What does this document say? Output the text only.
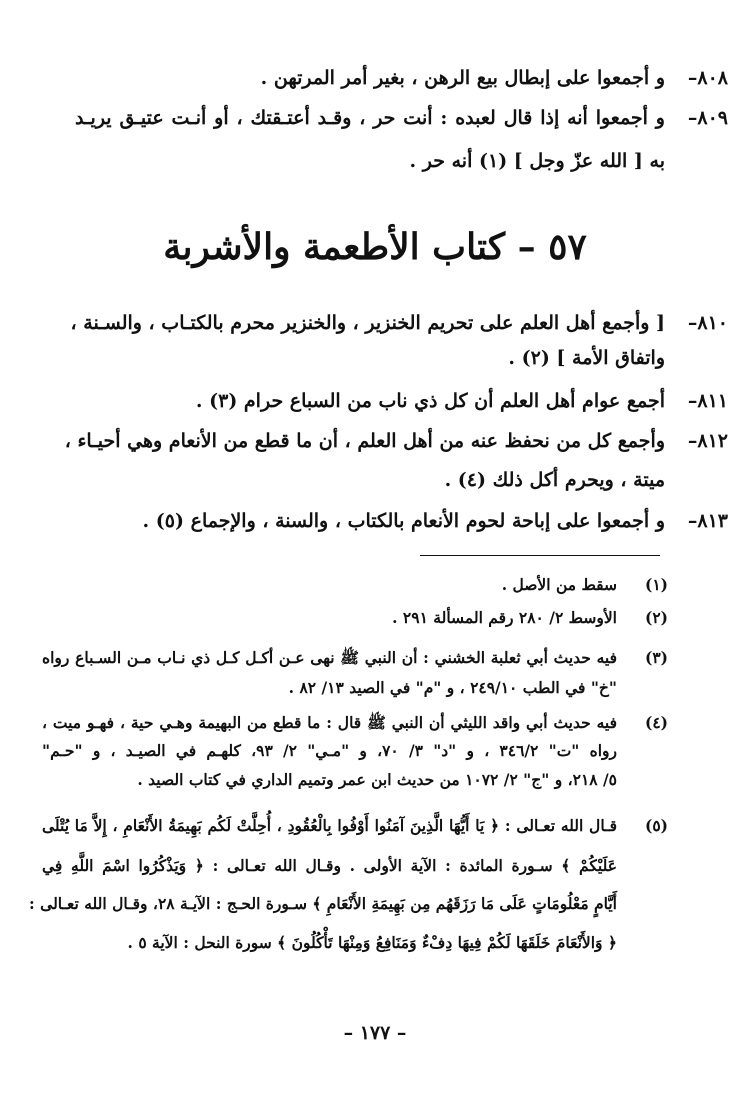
٨٠٨–
و أجمعوا على إبطال بيع الرهن ، بغير أمر المرتهن .
٨٠٩–
و أجمعوا أنه إذا قال لعبده : أنت حر ، وقـد أعتـقتك ، أو أنـت عتيـق يريـد
به [ الله عزّ وجل ] (١) أنه حر .
٥٧ – كتاب الأطعمة والأشربة
٨١٠–
[ وأجمع أهل العلم على تحريم الخنزير ، والخنزير محرم بالكتـاب ، والسـنة ،
واتفاق الأمة ] (٢) .
٨١١–
أجمع عوام أهل العلم أن كل ذي ناب من السباع حرام (٣) .
٨١٢–
وأجمع كل من نحفظ عنه من أهل العلم ، أن ما قطع من الأنعام وهي أحيـاء ،
ميتة ، ويحرم أكل ذلك (٤) .
٨١٣–
و أجمعوا على إباحة لحوم الأنعام بالكتاب ، والسنة ، والإجماع (٥) .
(١)
سقط من الأصل .
(٢)
الأوسط ٢/ ٢٨٠ رقم المسألة ٢٩١ .
(٣)
فيه حديث أبي ثعلبة الخشني : أن النبي ﷺ نهى عـن أكـل كـل ذي نـاب مـن السـباع رواه
"خ" في الطب ٢٤٩/١٠ ، و "م" في الصيد ١٣/ ٨٢ .
(٤)
فيه حديث أبي واقد الليثي أن النبي ﷺ قال : ما قطع من البهيمة وهـي حية ، فهـو ميت ،
رواه "ت" ٣٤٦/٢ ، و "د" ٣/ ٧٠، و "مـي" ٢/ ٩٣، كلهـم في الصيـد ، و "حـم"
٥/ ٢١٨، و "ج" ٢/ ١٠٧٢ من حديث ابن عمر وتميم الداري في كتاب الصيد .
(٥)
قـال الله تعـالى : ﴿ يَا أَيُّهَا الَّذِينَ آمَنُوا أَوْفُوا بِالْعُقُودِ ، أُحِلَّتْ لَكُم بَهِيمَةُ الأَنْعَامِ ، إِلاَّ مَا يُتْلَى
عَلَيْكُمْ ﴾ سـورة المائدة : الآية الأولى . وقـال الله تعـالى : ﴿ وَيَذْكُرُوا اسْمَ اللَّهِ فِي
أَيَّامٍ مَعْلُومَاتٍ عَلَى مَا رَزَقَهُم مِن بَهِيمَةِ الأَنْعَامِ ﴾ سـورة الحـج : الآيـة ٢٨، وقـال الله تعـالى :
﴿ وَالأَنْعَامَ خَلَقَهَا لَكُمْ فِيهَا دِفْءٌ وَمَنَافِعُ وَمِنْهَا تَأْكُلُونَ ﴾ سورة النحل : الآية ٥ .
– ١٧٧ –
